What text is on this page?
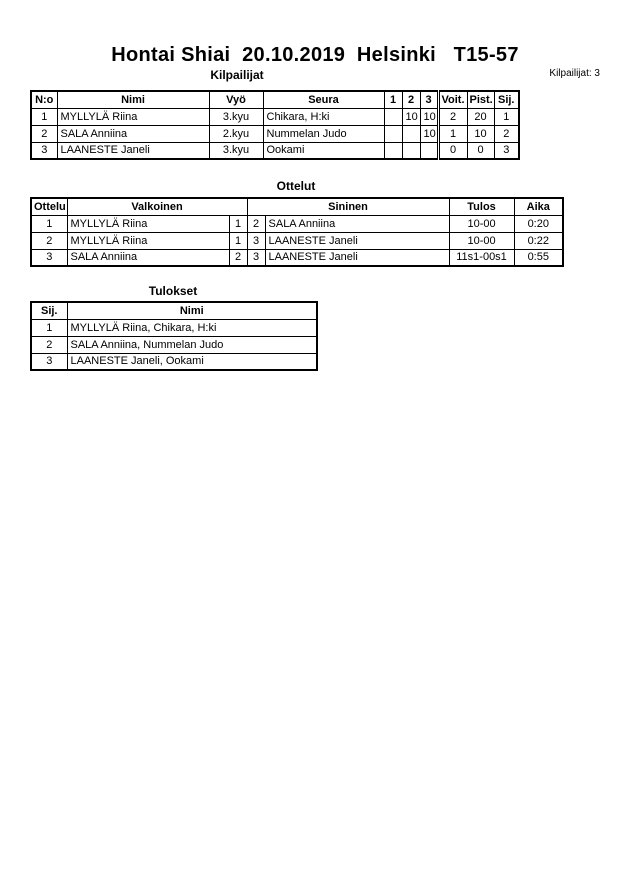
Hontai Shiai  20.10.2019  Helsinki   T15-57
Kilpailijat: 3
Kilpailijat
N:o	Nimi	Vyö	Seura	1	2	3	Voit.	Pist.	Sij.
1	MYLLYLÄ Riina	3.kyu	Chikara, H:ki		10	10	2	20	1
2	SALA Anniina	2.kyu	Nummelan Judo			10	1	10	2
3	LAANESTE Janeli	3.kyu	Ookami				0	0	3
Ottelut
Ottelu	Valkoinen		Sininen		Tulos	Aika
1	MYLLYLÄ Riina	1	2	SALA Anniina	10-00	0:20
2	MYLLYLÄ Riina	1	3	LAANESTE Janeli	10-00	0:22
3	SALA Anniina	2	3	LAANESTE Janeli	11s1-00s1	0:55
Tulokset
Sij.	Nimi
1	MYLLYLÄ Riina, Chikara, H:ki
2	SALA Anniina, Nummelan Judo
3	LAANESTE Janeli, Ookami
